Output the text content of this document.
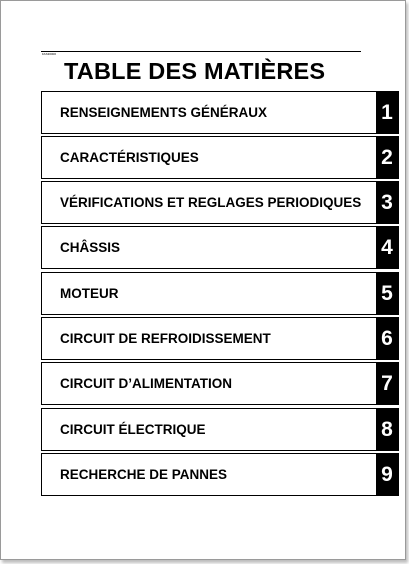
FAS30000
TABLE DES MATIÈRES
RENSEIGNEMENTS GÉNÉRAUX	1
CARACTÉRISTIQUES	2
VÉRIFICATIONS ET REGLAGES PERIODIQUES 3
CHÂSSIS	4
MOTEUR	5
CIRCUIT DE REFROIDISSEMENT	6
CIRCUIT D’ALIMENTATION	7
CIRCUIT ÉLECTRIQUE	8
RECHERCHE DE PANNES	9
